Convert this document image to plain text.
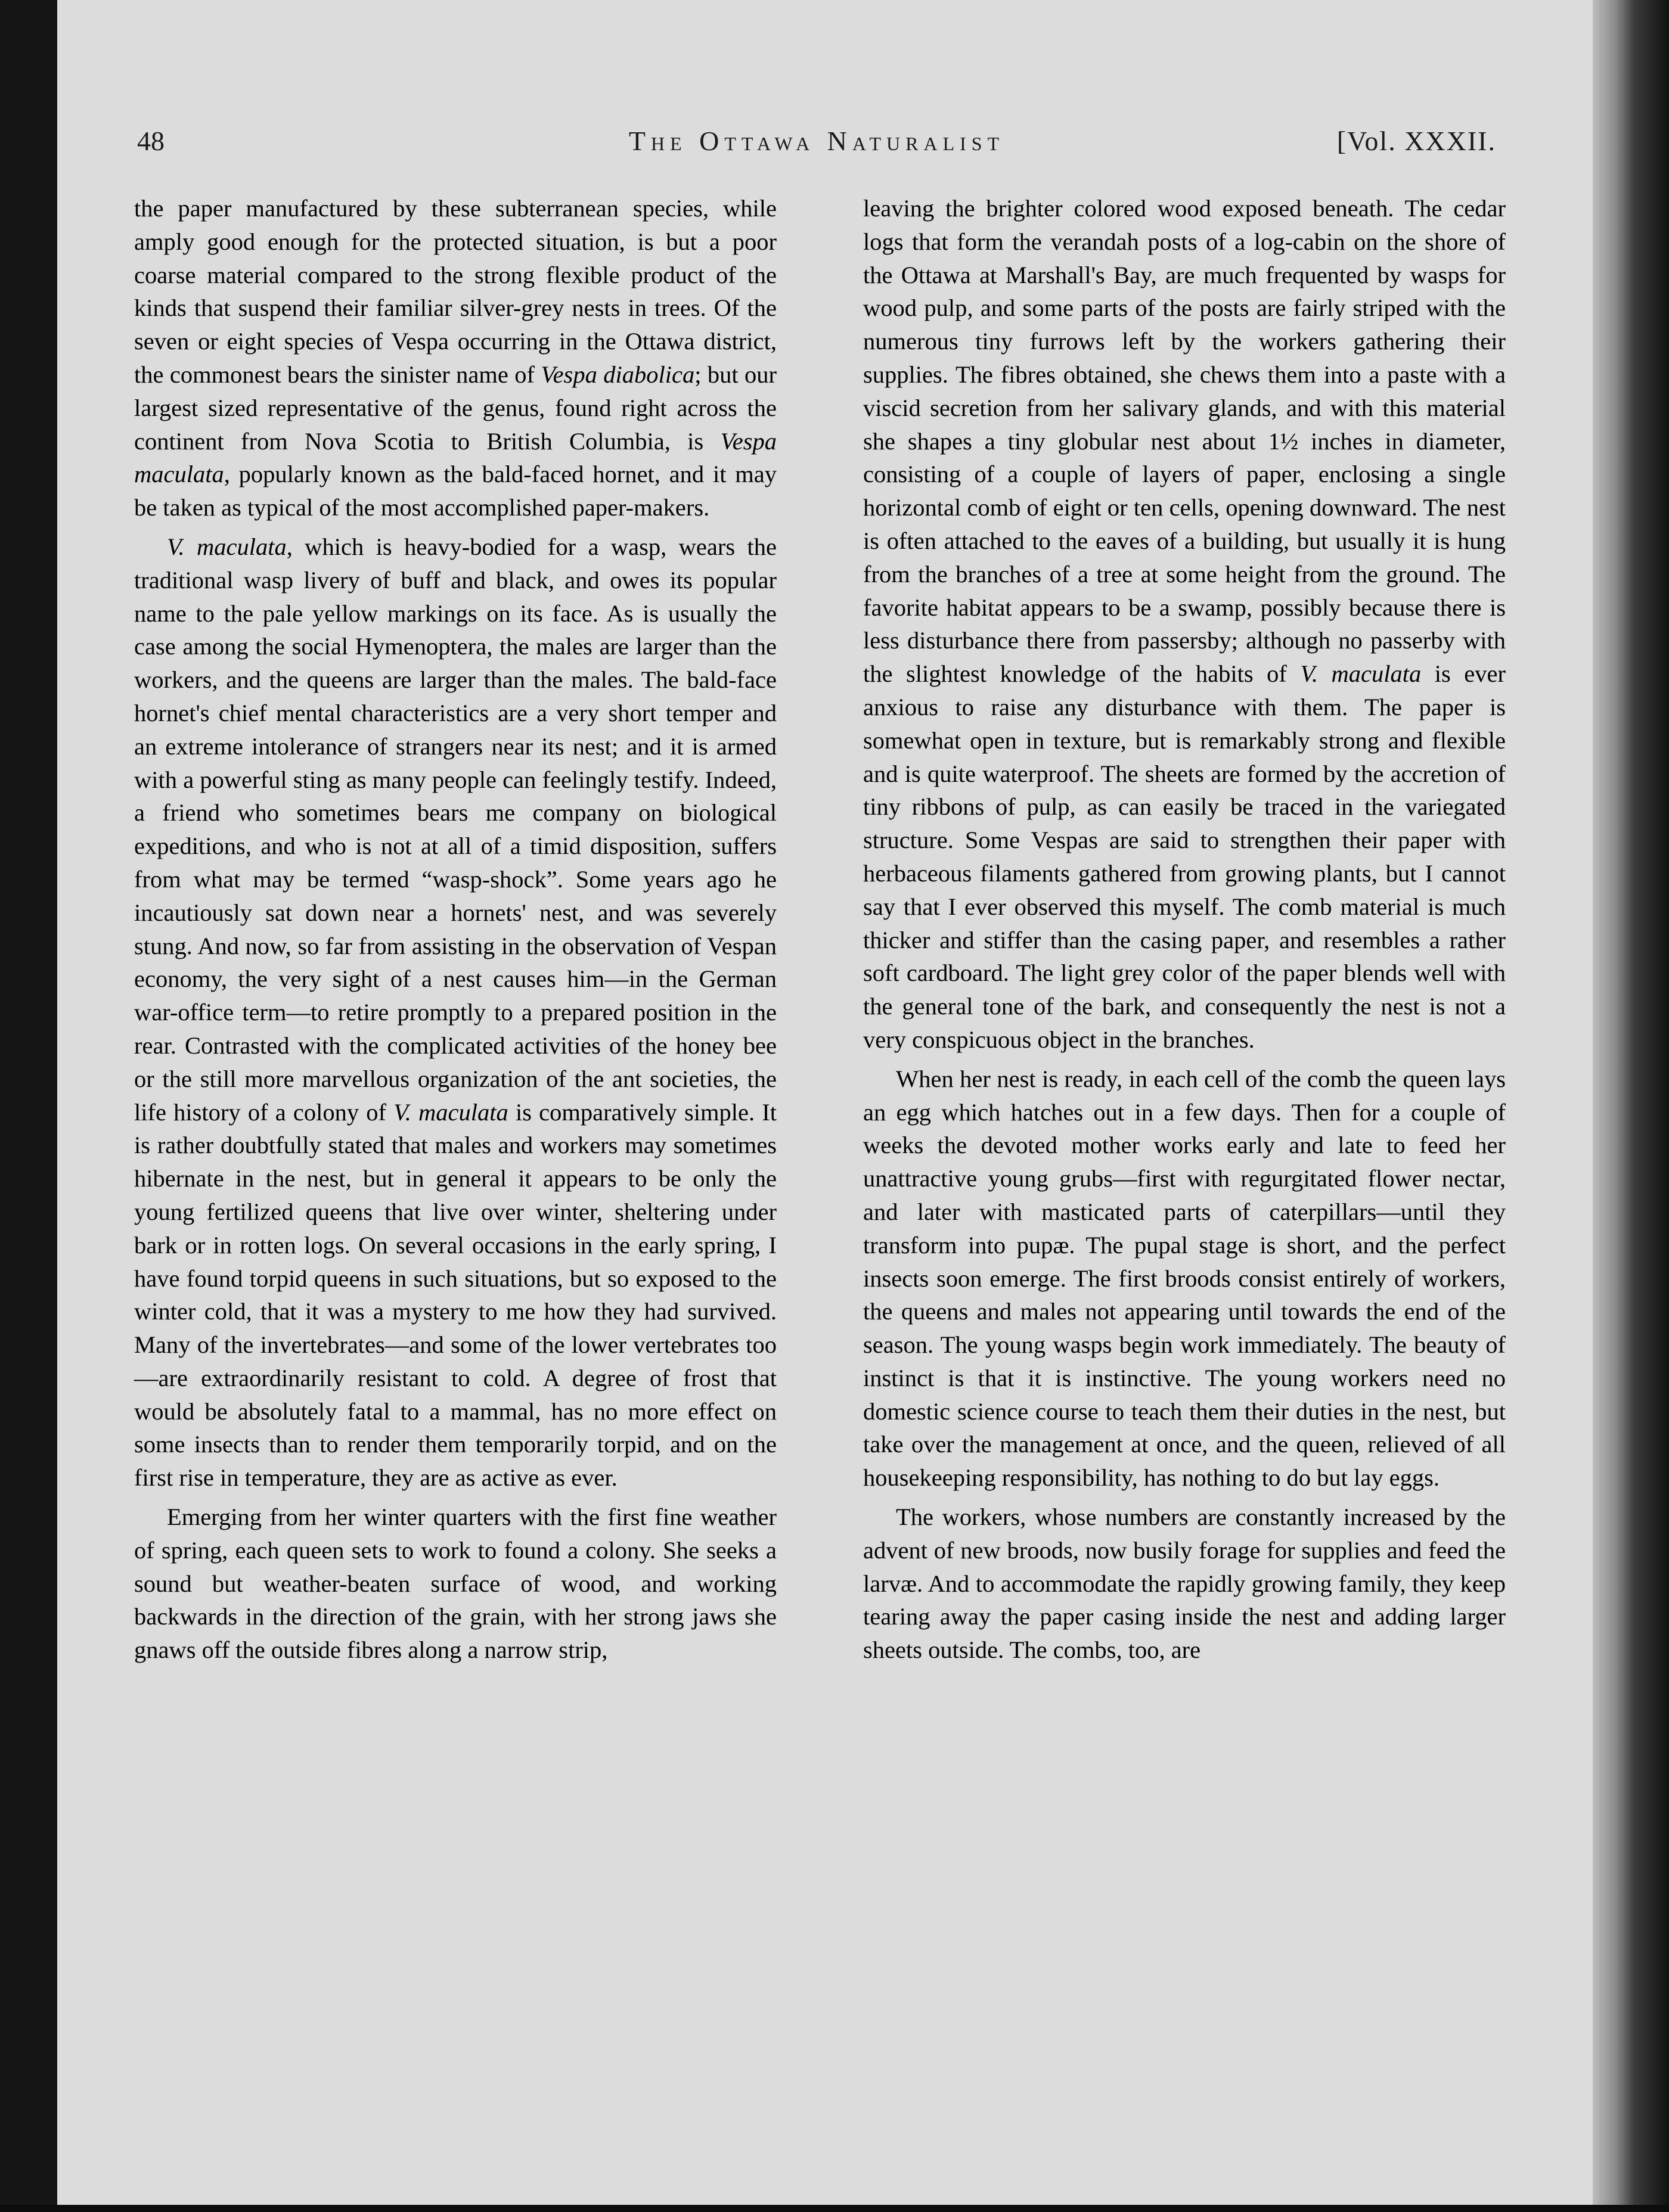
48	The Ottawa Naturalist	[Vol. XXXII.

the paper manufactured by these subterranean species, while amply good enough for the protected situation, is but a poor coarse material compared to the strong flexible product of the kinds that suspend their familiar silver-grey nests in trees. Of the seven or eight species of Vespa occurring in the Ottawa district, the commonest bears the sinister name of Vespa diabolica; but our largest sized representative of the genus, found right across the continent from Nova Scotia to British Columbia, is Vespa maculata, popularly known as the bald-faced hornet, and it may be taken as typical of the most accomplished paper-makers.

V. maculata, which is heavy-bodied for a wasp, wears the traditional wasp livery of buff and black, and owes its popular name to the pale yellow markings on its face. As is usually the case among the social Hymenoptera, the males are larger than the workers, and the queens are larger than the males. The bald-face hornet's chief mental characteristics are a very short temper and an extreme intolerance of strangers near its nest; and it is armed with a powerful sting as many people can feelingly testify. Indeed, a friend who sometimes bears me company on biological expeditions, and who is not at all of a timid disposition, suffers from what may be termed “wasp-shock”. Some years ago he incautiously sat down near a hornets' nest, and was severely stung. And now, so far from assisting in the observation of Vespan economy, the very sight of a nest causes him—in the German war-office term—to retire promptly to a prepared position in the rear. Contrasted with the complicated activities of the honey bee or the still more marvellous organization of the ant societies, the life history of a colony of V. maculata is comparatively simple. It is rather doubtfully stated that males and workers may sometimes hibernate in the nest, but in general it appears to be only the young fertilized queens that live over winter, sheltering under bark or in rotten logs. On several occasions in the early spring, I have found torpid queens in such situations, but so exposed to the winter cold, that it was a mystery to me how they had survived. Many of the invertebrates—and some of the lower vertebrates too—are extraordinarily resistant to cold. A degree of frost that would be absolutely fatal to a mammal, has no more effect on some insects than to render them temporarily torpid, and on the first rise in temperature, they are as active as ever.

Emerging from her winter quarters with the first fine weather of spring, each queen sets to work to found a colony. She seeks a sound but weather-beaten surface of wood, and working backwards in the direction of the grain, with her strong jaws she gnaws off the outside fibres along a narrow strip,

leaving the brighter colored wood exposed beneath. The cedar logs that form the verandah posts of a log-cabin on the shore of the Ottawa at Marshall's Bay, are much frequented by wasps for wood pulp, and some parts of the posts are fairly striped with the numerous tiny furrows left by the workers gathering their supplies. The fibres obtained, she chews them into a paste with a viscid secretion from her salivary glands, and with this material she shapes a tiny globular nest about 1½ inches in diameter, consisting of a couple of layers of paper, enclosing a single horizontal comb of eight or ten cells, opening downward. The nest is often attached to the eaves of a building, but usually it is hung from the branches of a tree at some height from the ground. The favorite habitat appears to be a swamp, possibly because there is less disturbance there from passersby; although no passerby with the slightest knowledge of the habits of V. maculata is ever anxious to raise any disturbance with them. The paper is somewhat open in texture, but is remarkably strong and flexible and is quite waterproof. The sheets are formed by the accretion of tiny ribbons of pulp, as can easily be traced in the variegated structure. Some Vespas are said to strengthen their paper with herbaceous filaments gathered from growing plants, but I cannot say that I ever observed this myself. The comb material is much thicker and stiffer than the casing paper, and resembles a rather soft cardboard. The light grey color of the paper blends well with the general tone of the bark, and consequently the nest is not a very conspicuous object in the branches.

When her nest is ready, in each cell of the comb the queen lays an egg which hatches out in a few days. Then for a couple of weeks the devoted mother works early and late to feed her unattractive young grubs—first with regurgitated flower nectar, and later with masticated parts of caterpillars—until they transform into pupæ. The pupal stage is short, and the perfect insects soon emerge. The first broods consist entirely of workers, the queens and males not appearing until towards the end of the season. The young wasps begin work immediately. The beauty of instinct is that it is instinctive. The young workers need no domestic science course to teach them their duties in the nest, but take over the management at once, and the queen, relieved of all housekeeping responsibility, has nothing to do but lay eggs.

The workers, whose numbers are constantly increased by the advent of new broods, now busily forage for supplies and feed the larvæ. And to accommodate the rapidly growing family, they keep tearing away the paper casing inside the nest and adding larger sheets outside. The combs, too, are
